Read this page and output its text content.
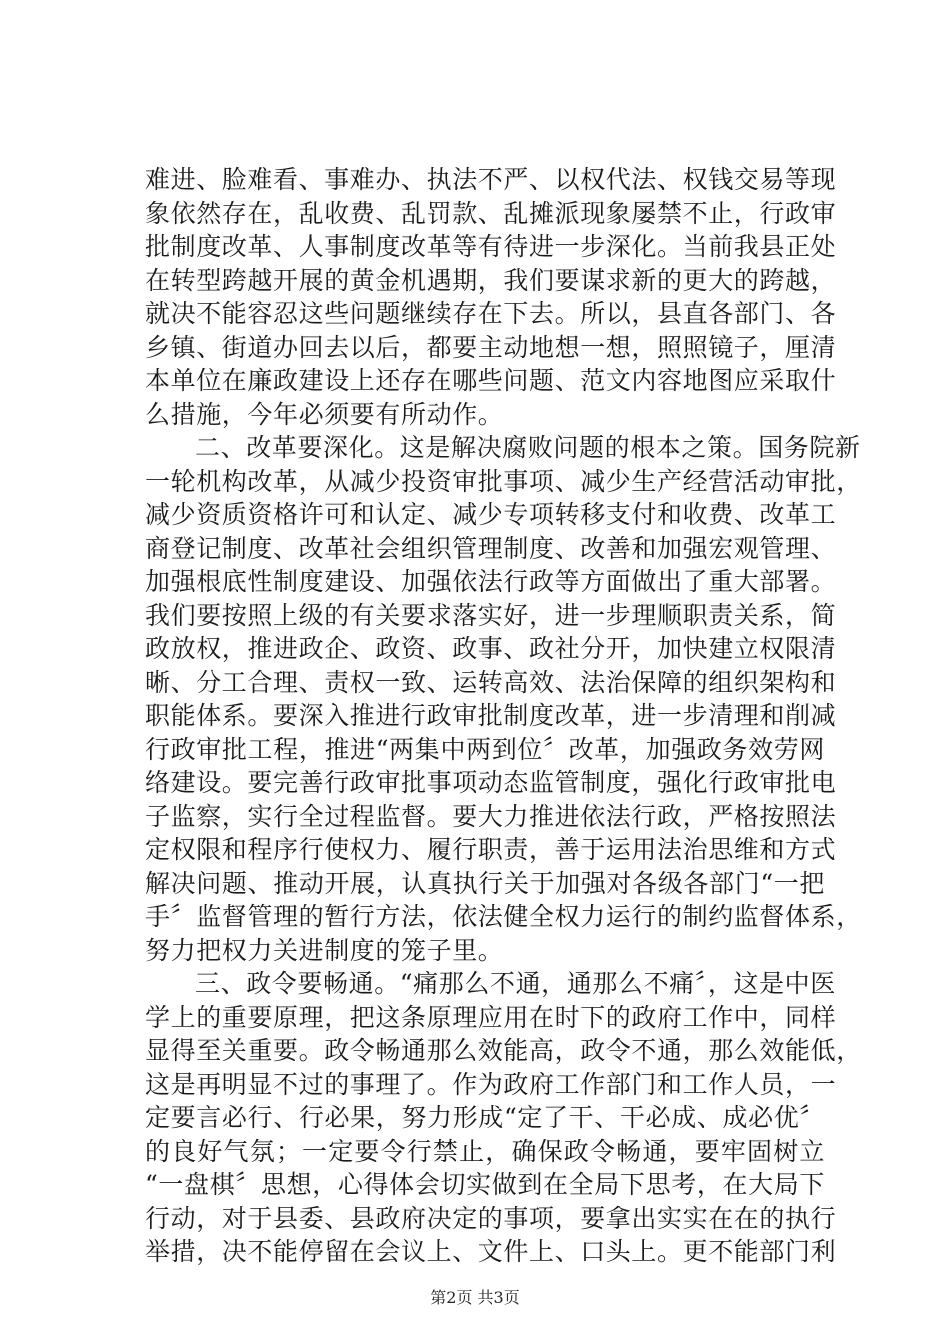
难进、脸难看、事难办、执法不严、以权代法、权钱交易等现
象依然存在，乱收费、乱罚款、乱摊派现象屡禁不止，行政审
批制度改革、人事制度改革等有待进一步深化。当前我县正处
在转型跨越开展的黄金机遇期，我们要谋求新的更大的跨越，
就决不能容忍这些问题继续存在下去。所以，县直各部门、各
乡镇、街道办回去以后，都要主动地想一想，照照镜子，厘清
本单位在廉政建设上还存在哪些问题、范文内容地图应采取什
么措施，今年必须要有所动作。
二、改革要深化。这是解决腐败问题的根本之策。国务院新
一轮机构改革，从减少投资审批事项、减少生产经营活动审批，
减少资质资格许可和认定、减少专项转移支付和收费、改革工
商登记制度、改革社会组织管理制度、改善和加强宏观管理、
加强根底性制度建设、加强依法行政等方面做出了重大部署。
我们要按照上级的有关要求落实好，进一步理顺职责关系，简
政放权，推进政企、政资、政事、政社分开，加快建立权限清
晰、分工合理、责权一致、运转高效、法治保障的组织架构和
职能体系。要深入推进行政审批制度改革，进一步清理和削减
行政审批工程，推进“两集中两到位〞改革，加强政务效劳网
络建设。要完善行政审批事项动态监管制度，强化行政审批电
子监察，实行全过程监督。要大力推进依法行政，严格按照法
定权限和程序行使权力、履行职责，善于运用法治思维和方式
解决问题、推动开展，认真执行关于加强对各级各部门“一把
手〞监督管理的暂行方法，依法健全权力运行的制约监督体系，
努力把权力关进制度的笼子里。
三、政令要畅通。“痛那么不通，通那么不痛〞，这是中医
学上的重要原理，把这条原理应用在时下的政府工作中，同样
显得至关重要。政令畅通那么效能高，政令不通，那么效能低，
这是再明显不过的事理了。作为政府工作部门和工作人员，一
定要言必行、行必果，努力形成“定了干、干必成、成必优〞
的良好气氛；一定要令行禁止，确保政令畅通，要牢固树立
“一盘棋〞思想，心得体会切实做到在全局下思考，在大局下
行动，对于县委、县政府决定的事项，要拿出实实在在的执行
举措，决不能停留在会议上、文件上、口头上。更不能部门利
第2页 共3页
